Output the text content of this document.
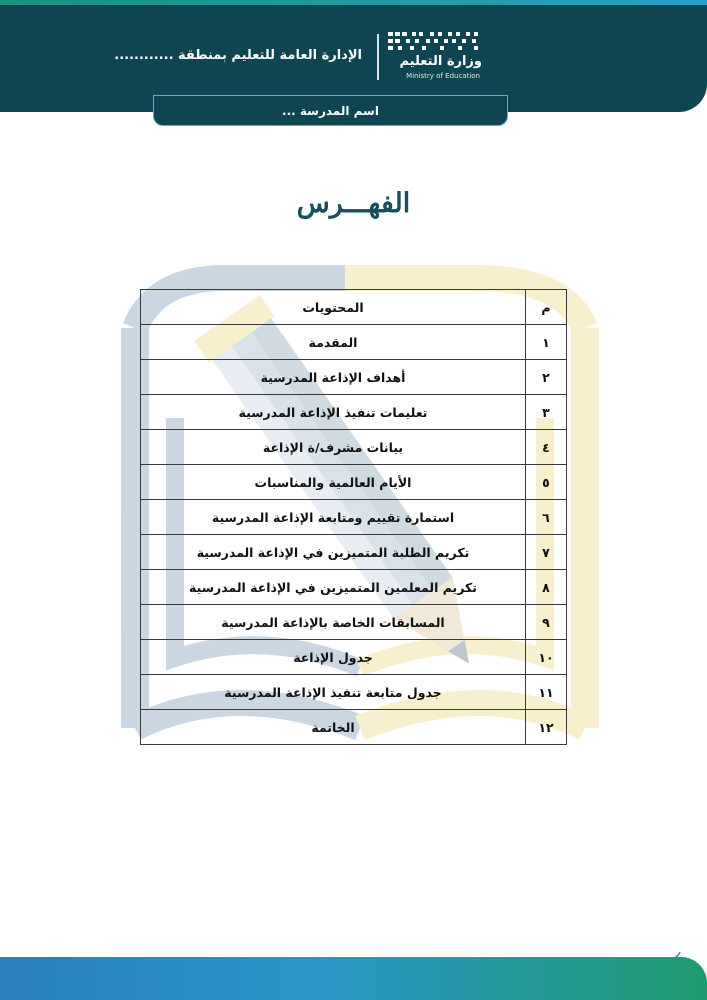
وزارة التعليم
Ministry of Education
الإدارة العامة للتعليم بمنطقة ............
اسم المدرسة ...
الفهـــرس
م	المحتويات
١	المقدمة
٢	أهداف الإذاعة المدرسية
٣	تعليمات تنفيذ الإذاعة المدرسية
٤	بيانات مشرف/ة الإذاعة
٥	الأيام العالمية والمناسبات
٦	استمارة تقييم ومتابعة الإذاعة المدرسية
٧	تكريم الطلبة المتميزين في الإذاعة المدرسية
٨	تكريم المعلمين المتميزين في الإذاعة المدرسية
٩	المسابقات الخاصة بالإذاعة المدرسية
١٠	جدول الإذاعة
١١	جدول متابعة تنفيذ الإذاعة المدرسية
١٢	الخاتمة
